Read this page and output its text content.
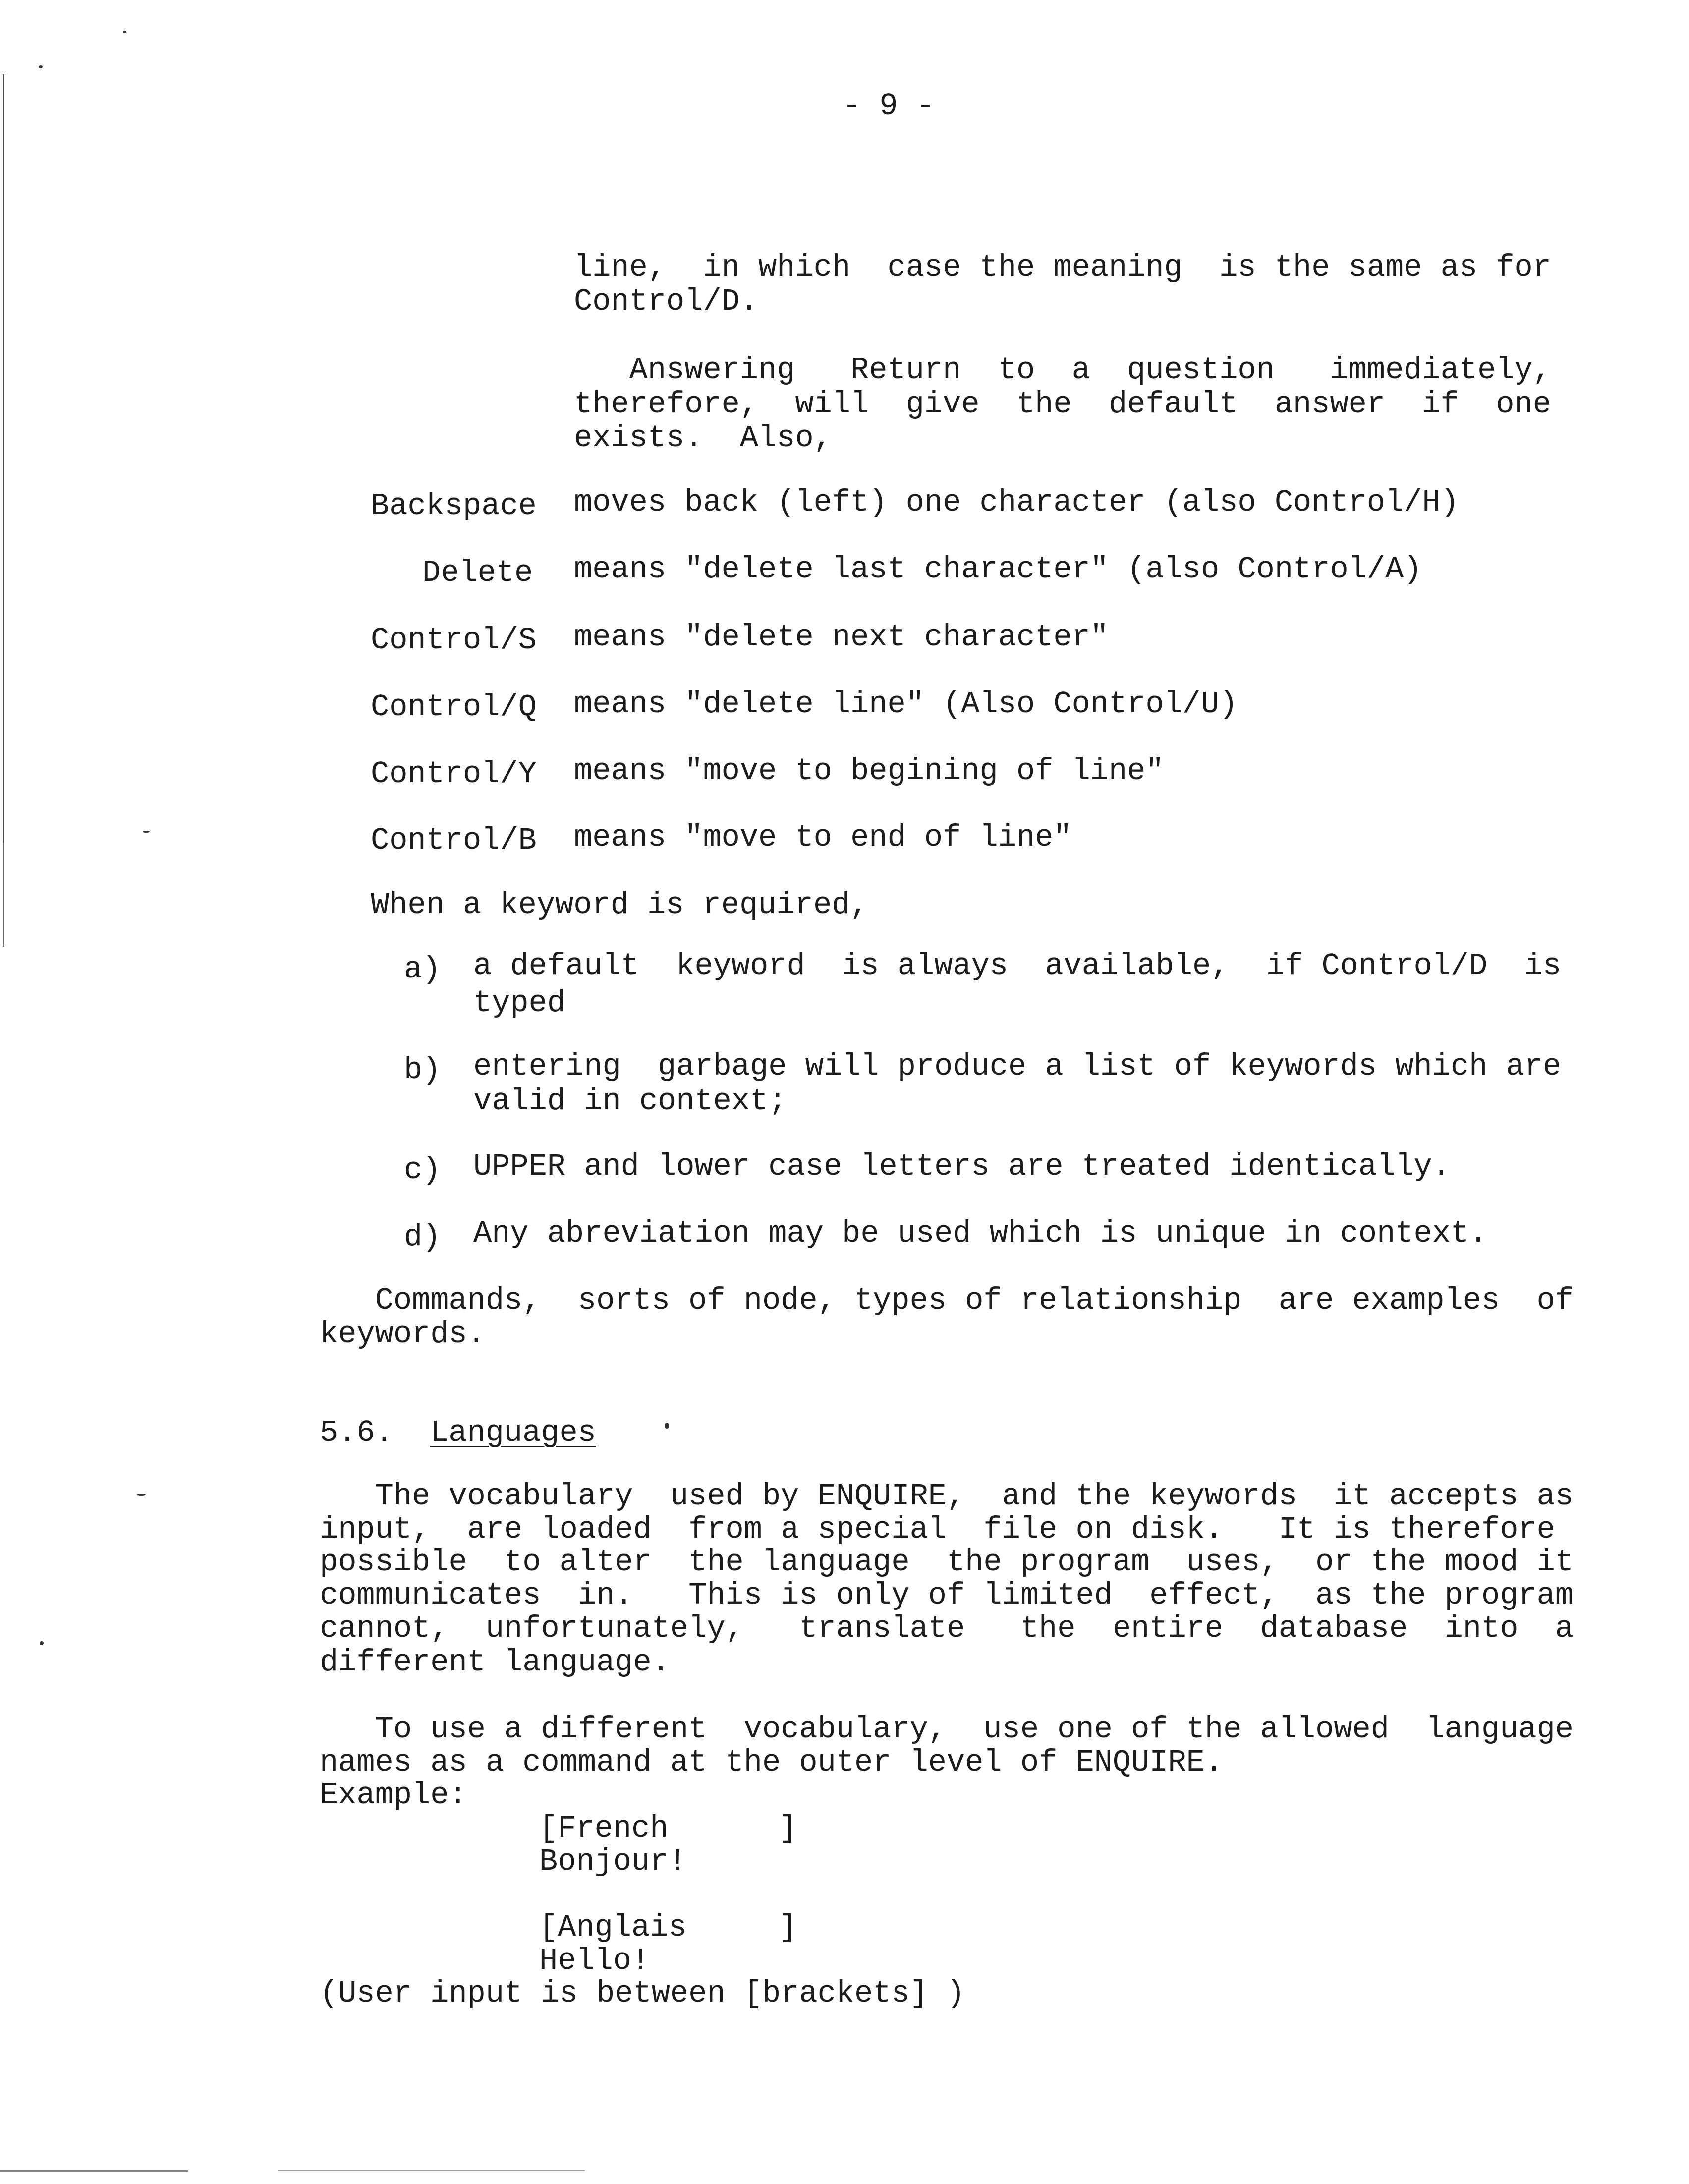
- 9 -
line,  in which  case the meaning  is the same as for
Control/D.
Answering   Return  to  a  question   immediately,
therefore,  will  give  the  default  answer  if  one
exists.  Also,
Backspace moves back (left) one character (also Control/H)
Delete means "delete last character" (also Control/A)
Control/S means "delete next character"
Control/Q means "delete line" (Also Control/U)
Control/Y means "move to begining of line"
Control/B means "move to end of line"
When a keyword is required,
a) a default  keyword  is always  available,  if Control/D  is
typed
b) entering  garbage will produce a list of keywords which are
valid in context;
c) UPPER and lower case letters are treated identically.
d) Any abreviation may be used which is unique in context.
Commands,  sorts of node, types of relationship  are examples  of
keywords.
5.6. Languages
The vocabulary  used by ENQUIRE,  and the keywords  it accepts as
input,  are loaded  from a special  file on disk.   It is therefore
possible  to alter  the language  the program  uses,  or the mood it
communicates  in.   This is only of limited  effect,  as the program
cannot,  unfortunately,   translate   the  entire  database  into  a
different language.
To use a different  vocabulary,  use one of the allowed  language
names as a command at the outer level of ENQUIRE.
Example:
[French      ]
Bonjour!
[Anglais     ]
Hello!
(User input is between [brackets] )
